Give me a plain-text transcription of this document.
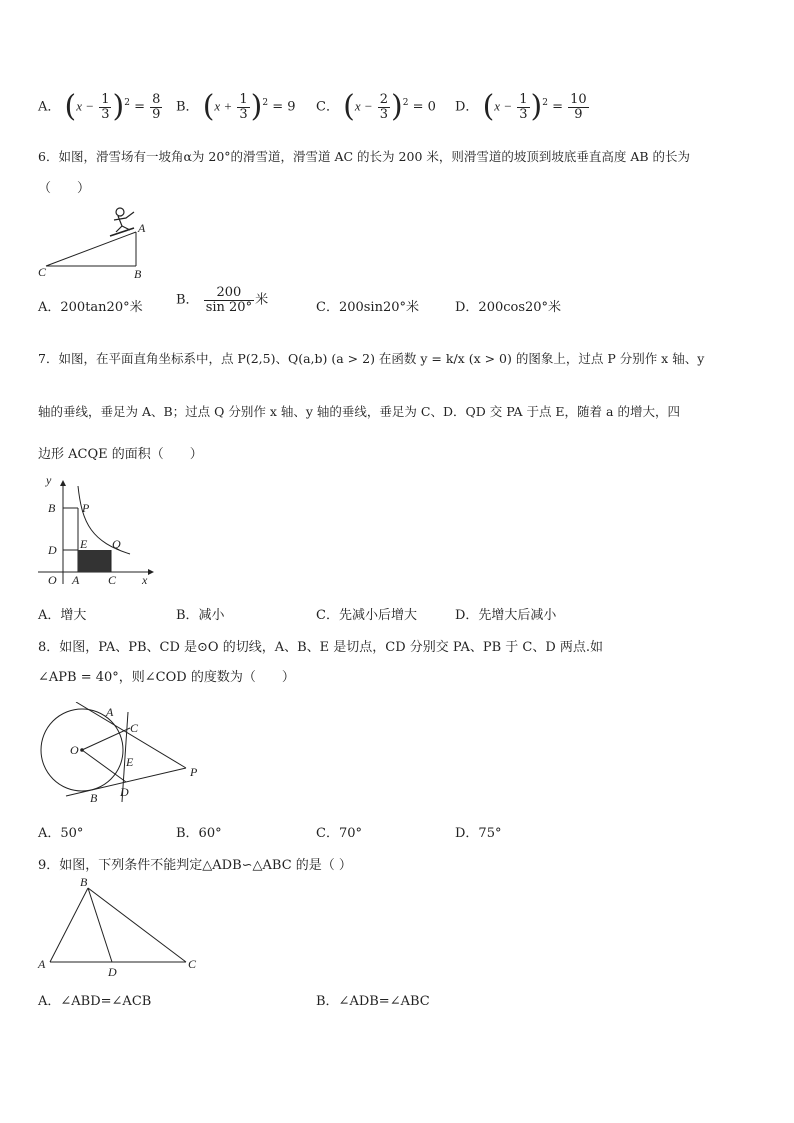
A． $(x - \frac{1}{3} )^2 = \frac{8}{9}$ B． $(x + \frac{1}{3} )^2 = 9$ C． $(x - \frac{2}{3} )^2 = 0$ D． $(x - \frac{1}{3} )^2 = \frac{10}{9}$
6．如图，滑雪场有一坡角α为 20°的滑雪道，滑雪道 AC 的长为 200 米，则滑雪道的坡顶到坡底垂直高度 AB 的长为
（　　）
A
B
C
A．200tan20°米	B． $\frac{200}{\sin 20^\circ}$ 米	C．200sin20°米	D．200cos20°米
7．如图，在平面直角坐标系中，点 P(2,5)、Q(a,b) (a > 2) 在函数 y = k/x (x > 0) 的图象上，过点 P 分别作 x 轴、y
轴的垂线，垂足为 A、B；过点 Q 分别作 x 轴、y 轴的垂线，垂足为 C、D．QD 交 PA 于点 E，随着 a 的增大，四
边形 ACQE 的面积（　　）
y
x
O A
B
C
D E
P
Q
A．增大	B．减小	C．先减小后增大	D．先增大后减小
8．如图，PA、PB、CD 是⊙O 的切线，A、B、E 是切点，CD 分别交 PA、PB 于 C、D 两点.如
∠APB = 40°，则∠COD 的度数为（　　）
O
A
B
C
D
E
P
A．50°	B．60°	C．70°	D．75°
9．如图，下列条件不能判定△ADB∽△ABC 的是（ ）
A
B
C
D
A．∠ABD=∠ACB	B．∠ADB=∠ABC
